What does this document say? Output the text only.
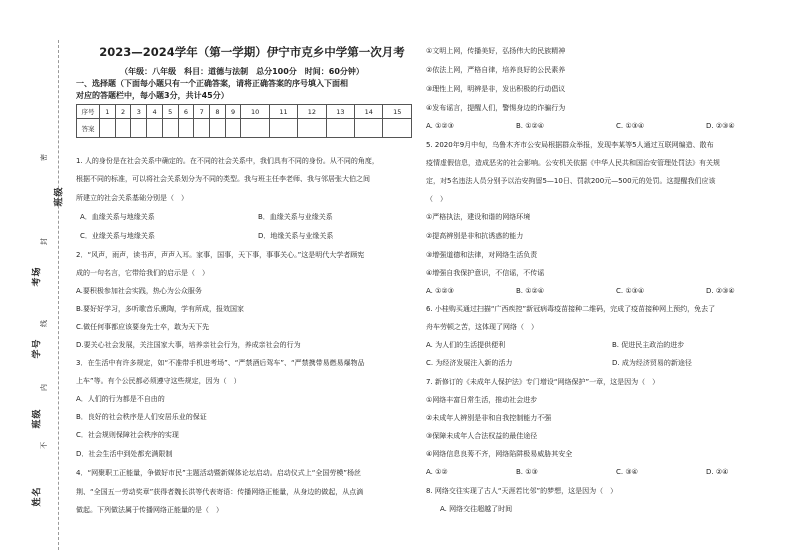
班级
考场
学号
班级
姓名
密
封
线
内
不
2023—2024学年（第一学期）伊宁市克乡中学第一次月考
（年级：八年级　科目：道德与法制　总分100分　时间：60分钟）
一、选择题（下面每小题只有一个正确答案，请将正确答案的序号填入下面相
对应的答题栏中，每小题3分，共计45分）
序号	1	2	3	4	5	6	7	8	9	10	11	12	13	14	15
答案															
1. 人的身份是在社会关系中确定的。在不同的社会关系中，我们具有不同的身份。从不同的角度，
根据不同的标准，可以将社会关系划分为不同的类型。我与班主任李老师、我与邻居张大伯之间
所建立的社会关系基础分别是（　）
A．血缘关系与地缘关系	B．血缘关系与业缘关系
C．业缘关系与地缘关系	D．地缘关系与业缘关系
2．“风声，雨声，读书声，声声入耳。家事，国事，天下事，事事关心。”这是明代大学者顾宪
成的一句名言，它带给我们的启示是（　）
A.要积极参加社会实践，热心为公众服务
B.要好好学习，多听歌音乐熏陶，学有所成，报效国家
C.做任何事都应该要身先士卒，敢为天下先
D.要关心社会发展，关注国家大事，培养亲社会行为，养成亲社会的行为
3．在生活中有许多规定，如“不准带手机进考场”、“严禁酒后驾车”、“严禁携带易燃易爆物品
上车”等。有个公民都必须遵守这些规定，因为（　）
A．人们的行为都是不自由的
B．良好的社会秩序是人们安居乐业的保证
C．社会规则保障社会秩序的实现
D．社会生活中到处都充满限制
4．“网聚职工正能量，争做好市民”主题活动暨新媒体论坛启动。启动仪式上“全国劳模”杨丝
荆、“全国五一劳动奖章”获得者魏长洪等代表寄语：传播网络正能量，从身边的做起，从点滴
做起。下列做法属于传播网络正能量的是（　）
①文明上网，传播美好，弘扬伟大的民族精神
②依法上网，严格自律，培养良好的公民素养
③理性上网，明辨是非，发出积极的行动倡议
④发布谣言，提醒人们，警惕身边的诈骗行为
A. ①②③	B. ①②④	C. ①③④	D. ②③④
5. 2020年9月中旬，乌鲁木齐市公安局根据群众举报，发现李某等5人通过互联网编造、散布
疫情虚假信息，造成恶劣的社会影响。公安机关依据《中华人民共和国治安管理处罚法》有关规
定，对5名违法人员分别予以治安拘留5—10日、罚款200元—500元的处罚。这提醒我们应该
（　）
①严格执法，建设和谐的网络环境
②提高辨别是非和抗诱惑的能力
③增强道德和法律，对网络生活负责
④增强自我保护意识，不信谣，不传谣
A. ①②③	B. ①②④	C. ①③④	D. ②③④
6. 小桂购买通过扫描“广西疾控”新冠病毒疫苗接种二维码，完成了疫苗接种网上预约，免去了
舟车劳顿之苦，这体现了网络（　）
A. 为人们的生活提供便利	B. 促进民主政治的进步
C. 为经济发展注入新的活力	D. 成为经济贸易的新途径
7. 新修订的《未成年人保护法》专门增设“网络保护”一章，这是因为（　）
①网络丰富日常生活，推动社会进步
②未成年人辨别是非和自我控制能力不强
③保障未成年人合法权益的最佳途径
④网络信息良莠不齐，网络陷阱极易威胁其安全
A. ①②	B. ①③	C. ③④	D. ②④
8. 网络交往实现了古人“天涯若比邻”的梦想，这是因为（　）
A. 网络交往超越了时间
